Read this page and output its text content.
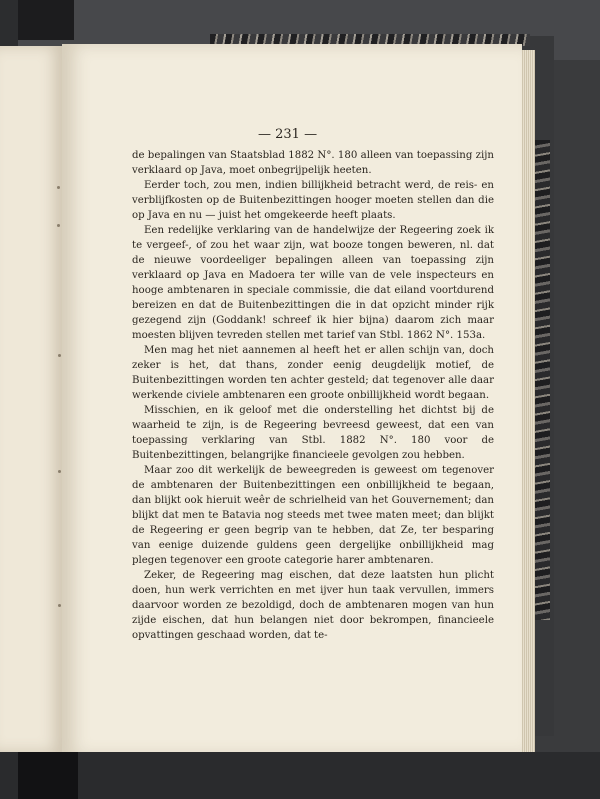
— 231 —

de bepalingen van Staatsblad 1882 N°. 180 alleen van toepassing zijn verklaard op Java, moet onbegrijpelijk heeten.

Eerder toch, zou men, indien billijkheid betracht werd, de reis- en verblijfkosten op de Buitenbezittingen hooger moeten stellen dan die op Java en nu — juist het omgekeerde heeft plaats.

Een redelijke verklaring van de handelwijze der Regeering zoek ik te vergeef-, of zou het waar zijn, wat booze tongen beweren, nl. dat de nieuwe voordeeliger bepalingen alleen van toepassing zijn verklaard op Java en Madoera ter wille van de vele inspecteurs en hooge ambtenaren in speciale commissie, die dat eiland voortdurend bereizen en dat de Buitenbezittingen die in dat opzicht minder rijk gezegend zijn (Goddank! schreef ik hier bijna) daarom zich maar moesten blijven tevreden stellen met tarief van Stbl. 1862 N°. 153a.

Men mag het niet aannemen al heeft het er allen schijn van, doch zeker is het, dat thans, zonder eenig deugdelijk motief, de Buitenbezittingen worden ten achter gesteld; dat tegenover alle daar werkende civiele ambtenaren een groote onbillijkheid wordt begaan.

Misschien, en ik geloof met die onderstelling het dichtst bij de waarheid te zijn, is de Regeering bevreesd geweest, dat een van toepassing verklaring van Stbl. 1882 N°. 180 voor de Buitenbezittingen, belangrijke financieele gevolgen zou hebben.

Maar zoo dit werkelijk de beweegreden is geweest om tegenover de ambtenaren der Buitenbezittingen een onbillijkheid te begaan, dan blijkt ook hieruit weêr de schrielheid van het Gouvernement; dan blijkt dat men te Batavia nog steeds met twee maten meet; dan blijkt de Regeering er geen begrip van te hebben, dat Ze, ter besparing van eenige duizende guldens geen dergelijke onbillijkheid mag plegen tegenover een groote categorie harer ambtenaren.

Zeker, de Regeering mag eischen, dat deze laatsten hun plicht doen, hun werk verrichten en met ijver hun taak vervullen, immers daarvoor worden ze bezoldigd, doch de ambtenaren mogen van hun zijde eischen, dat hun belangen niet door bekrompen, financieele opvattingen geschaad worden, dat te-
